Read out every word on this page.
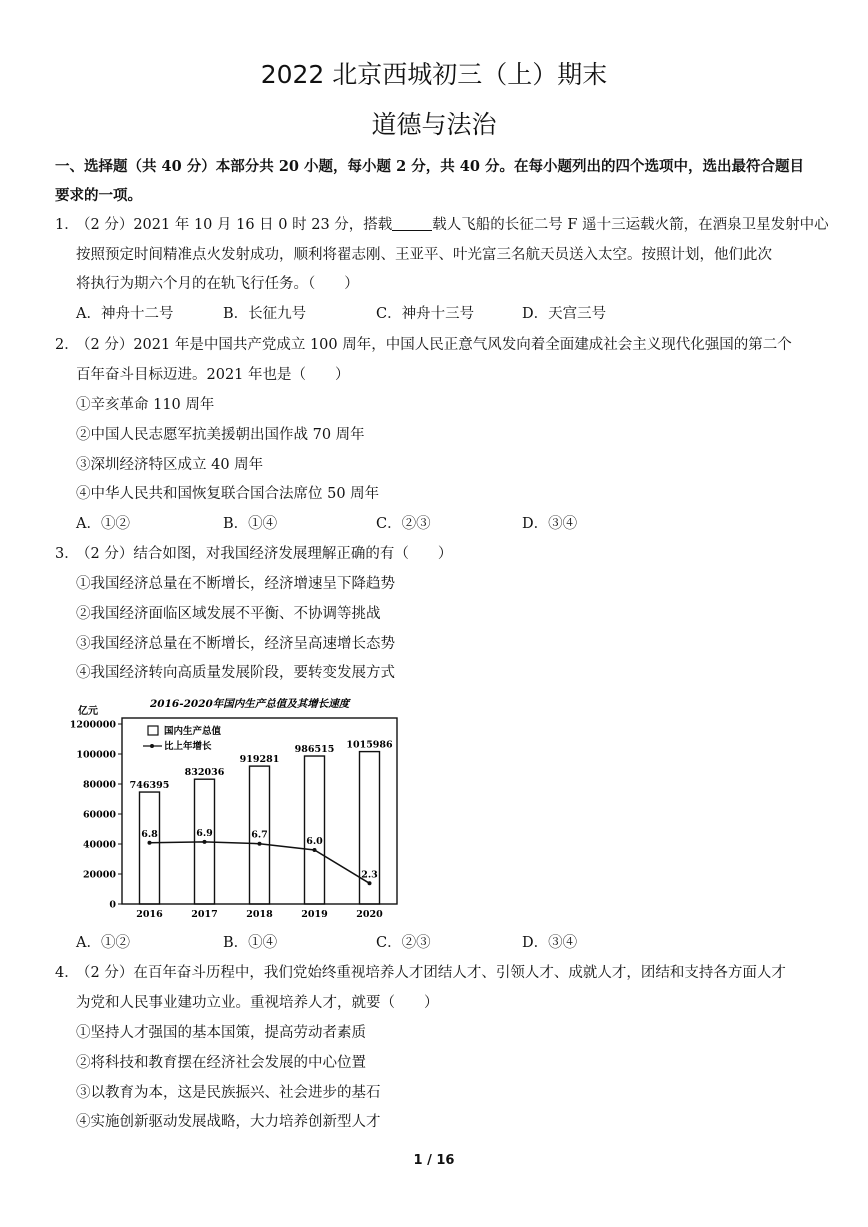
2022 北京西城初三（上）期末
道德与法治
一、选择题（共 40 分）本部分共 20 小题，每小题 2 分，共 40 分。在每小题列出的四个选项中，选出最符合题目
要求的一项。
1．
（2 分）2021 年 10 月 16 日 0 时 23 分，搭载	载人飞船的长征二号 F 遥十三运载火箭，在酒泉卫星发射中心
按照预定时间精准点火发射成功，顺利将翟志刚、王亚平、叶光富三名航天员送入太空。按照计划，他们此次
将执行为期六个月的在轨飞行任务。（　　）
A．神舟十二号	B．长征九号	C．神舟十三号	D．天宫三号
2．
（2 分）2021 年是中国共产党成立 100 周年，中国人民正意气风发向着全面建成社会主义现代化强国的第二个
百年奋斗目标迈进。2021 年也是（　　）
①辛亥革命 110 周年
②中国人民志愿军抗美援朝出国作战 70 周年
③深圳经济特区成立 40 周年
④中华人民共和国恢复联合国合法席位 50 周年
A．①②	B．①④	C．②③	D．③④
3．
（2 分）结合如图，对我国经济发展理解正确的有（　　）
①我国经济总量在不断增长，经济增速呈下降趋势
②我国经济面临区域发展不平衡、不协调等挑战
③我国经济总量在不断增长，经济呈高速增长态势
④我国经济转向高质量发展阶段，要转变发展方式
亿元
2016-2020年国内生产总值及其增长速度
1200000
100000
80000
60000
40000
20000
0
746395
832036
919281
986515 1015986
6.8	6.9	6.7
6.0
2.3
2016	2017	2018	2019	2020
国内生产总值
比上年增长
A．①②	B．①④	C．②③	D．③④
4．
（2 分）在百年奋斗历程中，我们党始终重视培养人才团结人才、引领人才、成就人才，团结和支持各方面人才
为党和人民事业建功立业。重视培养人才，就要（　　）
①坚持人才强国的基本国策，提高劳动者素质
②将科技和教育摆在经济社会发展的中心位置
③以教育为本，这是民族振兴、社会进步的基石
④实施创新驱动发展战略，大力培养创新型人才
1 / 16
